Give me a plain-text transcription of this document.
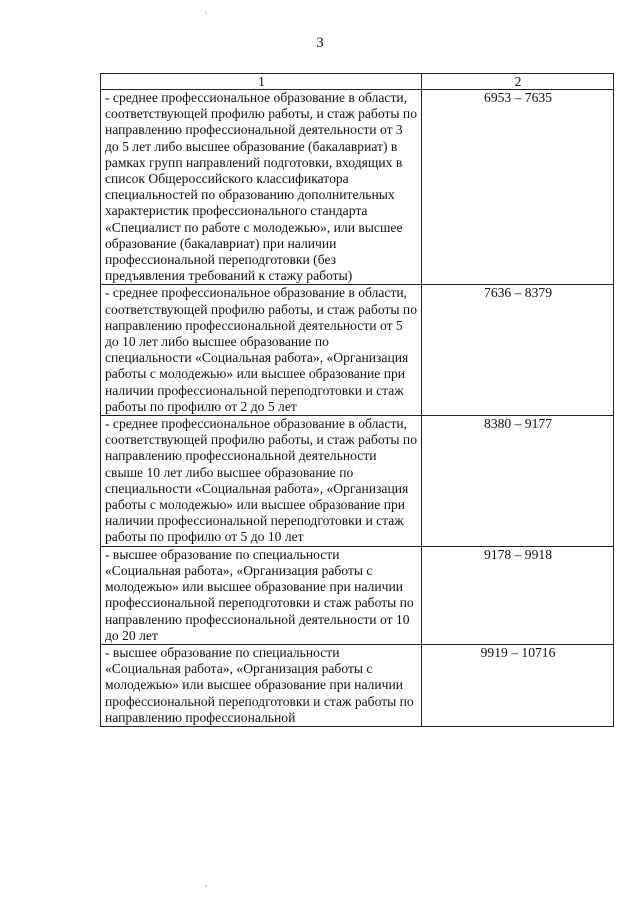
3
1	2
- среднее профессиональное образование в области, соответствующей профилю работы, и стаж работы по направлению профессиональной деятельности от 3 до 5 лет либо высшее образование (бакалавриат) в рамках групп направлений подготовки, входящих в список Общероссийского классификатора специальностей по образованию дополнительных характеристик профессионального стандарта «Специалист по работе с молодежью», или высшее образование (бакалавриат) при наличии профессиональной переподготовки (без предъявления требований к стажу работы)	6953 – 7635
- среднее профессиональное образование в области, соответствующей профилю работы, и стаж работы по направлению профессиональной деятельности от 5 до 10 лет либо высшее образование по специальности «Социальная работа», «Организация работы с молодежью» или высшее образование при наличии профессиональной переподготовки и стаж работы по профилю от 2 до 5 лет	7636 – 8379
- среднее профессиональное образование в области, соответствующей профилю работы, и стаж работы по направлению профессиональной деятельности свыше 10 лет либо высшее образование по специальности «Социальная работа», «Организация работы с молодежью» или высшее образование при наличии профессиональной переподготовки и стаж работы по профилю от 5 до 10 лет	8380 – 9177
- высшее образование по специальности «Социальная работа», «Организация работы с молодежью» или высшее образование при наличии профессиональной переподготовки и стаж работы по направлению профессиональной деятельности от 10 до 20 лет	9178 – 9918
- высшее образование по специальности «Социальная работа», «Организация работы с молодежью» или высшее образование при наличии профессиональной переподготовки и стаж работы по направлению профессиональной	9919 – 10716
